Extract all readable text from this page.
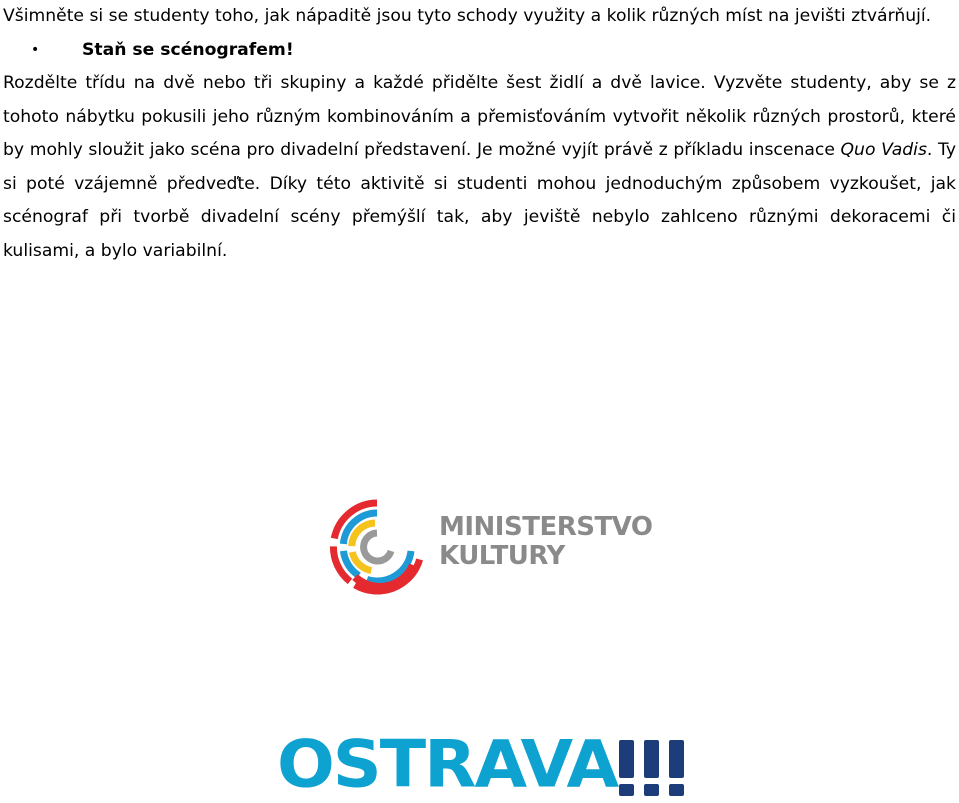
Všimněte si se studenty toho, jak nápaditě jsou tyto schody využity a kolik různých míst na jevišti ztvárňují.

• Staň se scénografem!

Rozdělte třídu na dvě nebo tři skupiny a každé přidělte šest židlí a dvě lavice. Vyzvěte studenty, aby se z tohoto nábytku pokusili jeho různým kombinováním a přemisťováním vytvořit několik různých prostorů, které by mohly sloužit jako scéna pro divadelní představení. Je možné vyjít právě z příkladu inscenace Quo Vadis. Ty si poté vzájemně předveďte. Díky této aktivitě si studenti mohou jednoduchým způsobem vyzkoušet, jak scénograf při tvorbě divadelní scény přemýšlí tak, aby jeviště nebylo zahlceno různými dekoracemi či kulisami, a bylo variabilní.

MINISTERSTVO
KULTURY
OSTRAVA
